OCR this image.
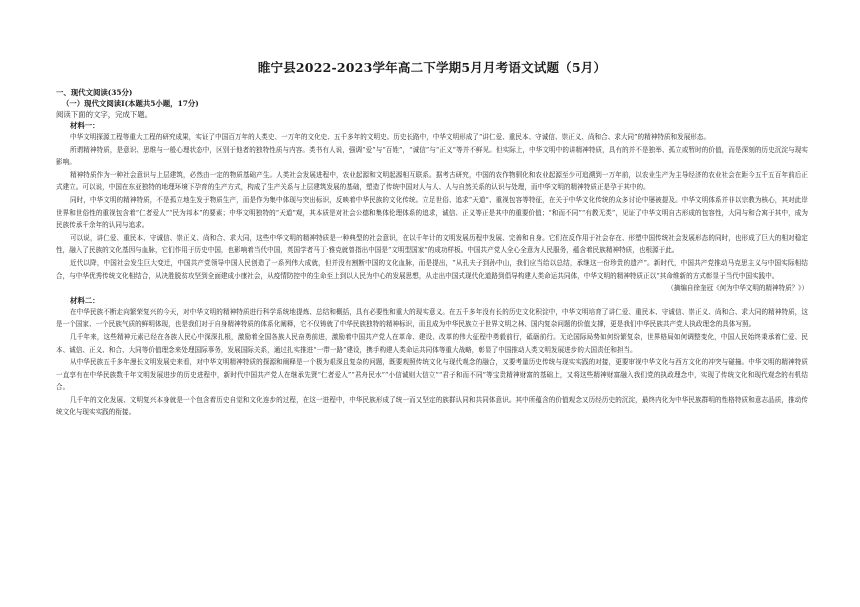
睢宁县2022-2023学年高二下学期5月月考语文试题（5月）
一、现代文阅读(35分)
（一）现代文阅读Ⅰ(本题共5小题，17分)
阅读下面的文字，完成下题。
材料一：

中华文明探源工程等重大工程的研究成果，实证了中国百万年的人类史、一万年的文化史、五千多年的文明史。历史长路中，中华文明形成了“讲仁爱、重民本、守诚信、崇正义、尚和合、求大同”的精神特质和发展形态。

所谓精神特质，是意识、思维与一般心理状态中，区别于他者的独特性质与内容。类书有人说，强调“爱”与“百姓”，“诚信”与“正义”等并不鲜见。但实际上，中华文明中的讲精神特质，具有的并不是独举、孤立或暂时的价值，而是深刻的历史沉淀与现实影响。

精神特质作为一种社会意识与上层建筑，必然由一定的物质基础产生。人类社会发展进程中，农业起源和文明起源相互联系。据考古研究，中国的农作物驯化和农业起源至少可追溯到一万年前，以农业生产为主导经济的农业社会在距今五千五百年前后正式建立。可以说，中国在东亚独特的地理环境下孕育的生产方式，构成了生产关系与上层建筑发展的基础，塑造了传统中国对人与人、人与自然关系的认识与处理，而中华文明的精神特质正是孕于其中的。

同时，中华文明的精神特质，不是孤立地生发于物质生产，而是作为集中体现与突出标识，反映着中华民族的文化传统。立足世俗、追求“天道”、重视包容等特征，在关于中华文化传统的众多讨论中屡被提及。中华文明体系并非以宗教为核心，其对此岸世界和世俗性的重视包含着“仁者爱人”“民为邦本”的要素；中华文明独特的“天道”观，其本质是对社会公德和集体伦理体系的追求，诚信、正义等正是其中的重要价值；“和而不同”“有教无类”，见证了中华文明自古形成的包容性，大同与和合寓于其中，成为民族传承千余年的认同与追求。

可以说，讲仁爱、重民本、守诚信、崇正义、尚和合、求大同，这些中华文明的精神特质是一种典型的社会意识，在以千年计的文明发展历程中发展、完善和自身。它们在反作用于社会存在、形塑中国传统社会发展形态的同时，也形成了巨大的相对稳定性，融入了民族的文化基因与血脉，它们作用于历史中国，也影响着当代中国，英国学者马丁·雅克就曾指出中国是“文明型国家”的成功样板。中国共产党人全心全意为人民服务，蕴含着民族精神特质，也根源于此。

近代以降，中国社会发生巨大变迁，中国共产党领导中国人民创造了一系列伟大成就，但并没有割断中国的文化血脉，而是提出，“从孔夫子到孙中山，我们应当给以总结，承继这一份珍贵的遗产”。新时代，中国共产党推动马克思主义与中国实际相结合，与中华优秀传统文化相结合，从决胜脱贫攻坚到全面建成小康社会，从疫情防控中的生命至上到以人民为中心的发展思想，从走出中国式现代化道路到倡导构建人类命运共同体，中华文明的精神特质正以“其命维新的方式彰显于当代中国实践中。

（摘编自徐奎冠《何为中华文明的精神特质？》）

材料二：

在中华民族不断走向繁荣复兴的今天，对中华文明的精神特质进行科学系统地提炼、总结和概括，具有必要性和重大的现实意义。在五千多年没有长的历史文化积淀中，中华文明培育了讲仁爱、重民本、守诚信、崇正义、尚和合、求大同的精神特质，这是一个国家、一个民族气质的鲜明体现，也是我们对于自身精神特质的体系化阐释，它不仅铸就了中华民族独特的精神标识，而且成为中华民族立于世界文明之林、国内复杂问题的价值支撑，更是我们中华民族共产党人执政理念的具体写照。

几千年来，这些精神元素已经在各族人民心中深深扎根，激励着全国各族人民奋勇前进，激励着中国共产党人在革命、建设、改革的伟大征程中勇毅前行，砥砺前行。无论国际局势如何纷繁复杂，世界格局如何调整变化，中国人民始终秉承着仁爱、民本、诚信、正义、和合、大同等价值理念来处理国际事务，发展国际关系，通过扎实推进“一带一路”建设，携手构建人类命运共同体等重大战略，彰显了中国推动人类文明发展进步的大国责任和担当。

从中华民族五千多年漫长文明发展史来看，对中华文明精神特质的探源和阐释是一个极为艰深且复杂的问题，既要观照传统文化与现代观念的融合，又要考量历史传统与现实实践的对接，更要审视中华文化与西方文化的冲突与碰撞。中华文明的精神特质一直享有在中华民族数千年文明发展进步的历史进程中，新时代中国共产党人在继承先贤“仁者爱人”“君舟民水”“小信诚则大信立”“君子和而不同”等宝贵精神财富的基础上，又将这些精神财富融入我们党的执政理念中，实现了传统文化和现代观念的有机结合。

几千年的文化发展、文明复兴本身就是一个包含着历史自觉和文化连步的过程，在这一进程中，中华民族形成了统一而又坚定的族群认同和共同体意识。其中所蕴含的价值观念又历经历史的沉淀，最终内化为中华民族群明的性格特质和意志品质，推动传统文化与现实实践的衔接。
